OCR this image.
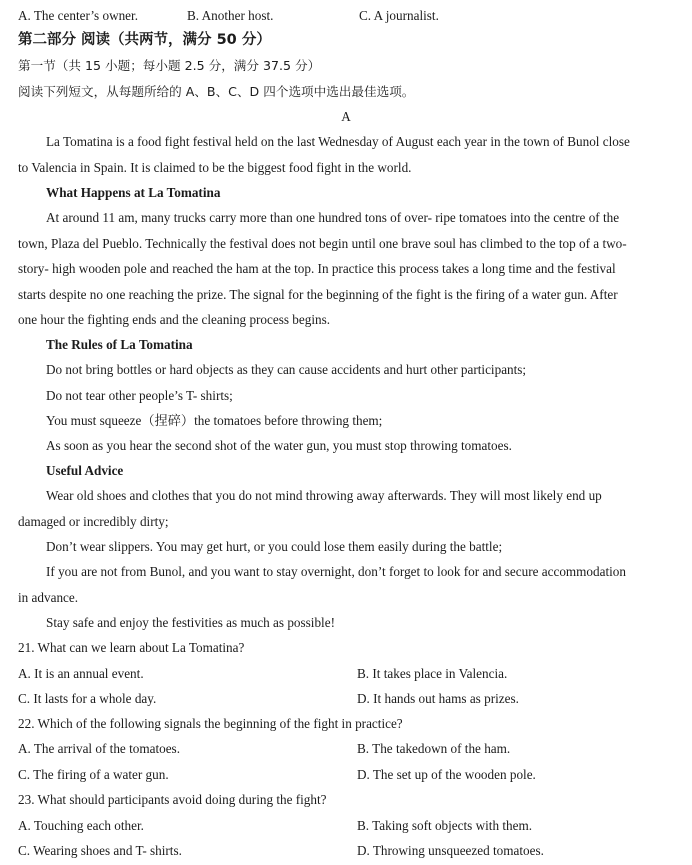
A. The center’s owner.	B. Another host.	C. A journalist.
第二部分 阅读（共两节，满分 50 分）
第一节（共 15 小题；每小题 2.5 分，满分 37.5 分）
阅读下列短文，从每题所给的 A、B、C、D 四个选项中选出最佳选项。
A
La Tomatina is a food fight festival held on the last Wednesday of August each year in the town of Bunol close
to Valencia in Spain. It is claimed to be the biggest food fight in the world.
What Happens at La Tomatina
At around 11 am, many trucks carry more than one hundred tons of over- ripe tomatoes into the centre of the
town, Plaza del Pueblo. Technically the festival does not begin until one brave soul has climbed to the top of a two-
story- high wooden pole and reached the ham at the top. In practice this process takes a long time and the festival
starts despite no one reaching the prize. The signal for the beginning of the fight is the firing of a water gun. After
one hour the fighting ends and the cleaning process begins.
The Rules of La Tomatina
Do not bring bottles or hard objects as they can cause accidents and hurt other participants;
Do not tear other people’s T- shirts;
You must squeeze（捏碎）the tomatoes before throwing them;
As soon as you hear the second shot of the water gun, you must stop throwing tomatoes.
Useful Advice
Wear old shoes and clothes that you do not mind throwing away afterwards. They will most likely end up
damaged or incredibly dirty;
Don’t wear slippers. You may get hurt, or you could lose them easily during the battle;
If you are not from Bunol, and you want to stay overnight, don’t forget to look for and secure accommodation
in advance.
Stay safe and enjoy the festivities as much as possible!
21. What can we learn about La Tomatina?
A. It is an annual event.	B. It takes place in Valencia.
C. It lasts for a whole day.	D. It hands out hams as prizes.
22. Which of the following signals the beginning of the fight in practice?
A. The arrival of the tomatoes.	B. The takedown of the ham.
C. The firing of a water gun.	D. The set up of the wooden pole.
23. What should participants avoid doing during the fight?
A. Touching each other.	B. Taking soft objects with them.
C. Wearing shoes and T- shirts.	D. Throwing unsqueezed tomatoes.
